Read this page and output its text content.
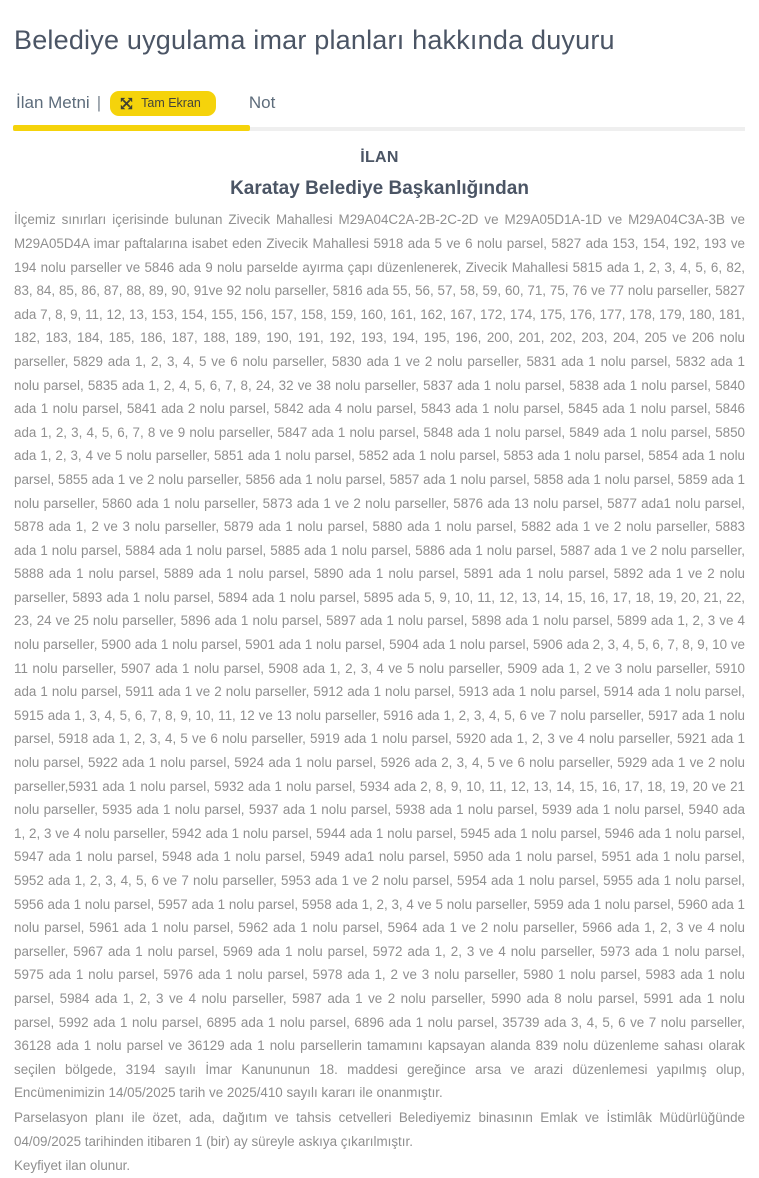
Belediye uygulama imar planları hakkında duyuru
İlan Metni |	Tam Ekran	Not
İLAN
Karatay Belediye Başkanlığından

İlçemiz sınırları içerisinde bulunan Zivecik Mahallesi M29A04C2A-2B-2C-2D ve M29A05D1A-1D ve M29A04C3A-3B ve M29A05D4A imar paftalarına isabet eden Zivecik Mahallesi 5918 ada 5 ve 6 nolu parsel, 5827 ada 153, 154, 192, 193 ve 194 nolu parseller ve 5846 ada 9 nolu parselde ayırma çapı düzenlenerek, Zivecik Mahallesi 5815 ada 1, 2, 3, 4, 5, 6, 82, 83, 84, 85, 86, 87, 88, 89, 90, 91ve 92 nolu parseller, 5816 ada 55, 56, 57, 58, 59, 60, 71, 75, 76 ve 77 nolu parseller, 5827 ada 7, 8, 9, 11, 12, 13, 153, 154, 155, 156, 157, 158, 159, 160, 161, 162, 167, 172, 174, 175, 176, 177, 178, 179, 180, 181, 182, 183, 184, 185, 186, 187, 188, 189, 190, 191, 192, 193, 194, 195, 196, 200, 201, 202, 203, 204, 205 ve 206 nolu parseller, 5829 ada 1, 2, 3, 4, 5 ve 6 nolu parseller, 5830 ada 1 ve 2 nolu parseller, 5831 ada 1 nolu parsel, 5832 ada 1 nolu parsel, 5835 ada 1, 2, 4, 5, 6, 7, 8, 24, 32 ve 38 nolu parseller, 5837 ada 1 nolu parsel, 5838 ada 1 nolu parsel, 5840 ada 1 nolu parsel, 5841 ada 2 nolu parsel, 5842 ada 4 nolu parsel, 5843 ada 1 nolu parsel, 5845 ada 1 nolu parsel, 5846 ada 1, 2, 3, 4, 5, 6, 7, 8 ve 9 nolu parseller, 5847 ada 1 nolu parsel, 5848 ada 1 nolu parsel, 5849 ada 1 nolu parsel, 5850 ada 1, 2, 3, 4 ve 5 nolu parseller, 5851 ada 1 nolu parsel, 5852 ada 1 nolu parsel, 5853 ada 1 nolu parsel, 5854 ada 1 nolu parsel, 5855 ada 1 ve 2 nolu parseller, 5856 ada 1 nolu parsel, 5857 ada 1 nolu parsel, 5858 ada 1 nolu parsel, 5859 ada 1 nolu parseller, 5860 ada 1 nolu parseller, 5873 ada 1 ve 2 nolu parseller, 5876 ada 13 nolu parsel, 5877 ada1 nolu parsel, 5878 ada 1, 2 ve 3 nolu parseller, 5879 ada 1 nolu parsel, 5880 ada 1 nolu parsel, 5882 ada 1 ve 2 nolu parseller, 5883 ada 1 nolu parsel, 5884 ada 1 nolu parsel, 5885 ada 1 nolu parsel, 5886 ada 1 nolu parsel, 5887 ada 1 ve 2 nolu parseller, 5888 ada 1 nolu parsel, 5889 ada 1 nolu parsel, 5890 ada 1 nolu parsel, 5891 ada 1 nolu parsel, 5892 ada 1 ve 2 nolu parseller, 5893 ada 1 nolu parsel, 5894 ada 1 nolu parsel, 5895 ada 5, 9, 10, 11, 12, 13, 14, 15, 16, 17, 18, 19, 20, 21, 22, 23, 24 ve 25 nolu parseller, 5896 ada 1 nolu parsel, 5897 ada 1 nolu parsel, 5898 ada 1 nolu parsel, 5899 ada 1, 2, 3 ve 4 nolu parseller, 5900 ada 1 nolu parsel, 5901 ada 1 nolu parsel, 5904 ada 1 nolu parsel, 5906 ada 2, 3, 4, 5, 6, 7, 8, 9, 10 ve 11 nolu parseller, 5907 ada 1 nolu parsel, 5908 ada 1, 2, 3, 4 ve 5 nolu parseller, 5909 ada 1, 2 ve 3 nolu parseller, 5910 ada 1 nolu parsel, 5911 ada 1 ve 2 nolu parseller, 5912 ada 1 nolu parsel, 5913 ada 1 nolu parsel, 5914 ada 1 nolu parsel, 5915 ada 1, 3, 4, 5, 6, 7, 8, 9, 10, 11, 12 ve 13 nolu parseller, 5916 ada 1, 2, 3, 4, 5, 6 ve 7 nolu parseller, 5917 ada 1 nolu parsel, 5918 ada 1, 2, 3, 4, 5 ve 6 nolu parseller, 5919 ada 1 nolu parsel, 5920 ada 1, 2, 3 ve 4 nolu parseller, 5921 ada 1 nolu parsel, 5922 ada 1 nolu parsel, 5924 ada 1 nolu parsel, 5926 ada 2, 3, 4, 5 ve 6 nolu parseller, 5929 ada 1 ve 2 nolu parseller,5931 ada 1 nolu parsel, 5932 ada 1 nolu parsel, 5934 ada 2, 8, 9, 10, 11, 12, 13, 14, 15, 16, 17, 18, 19, 20 ve 21 nolu parseller, 5935 ada 1 nolu parsel, 5937 ada 1 nolu parsel, 5938 ada 1 nolu parsel, 5939 ada 1 nolu parsel, 5940 ada 1, 2, 3 ve 4 nolu parseller, 5942 ada 1 nolu parsel, 5944 ada 1 nolu parsel, 5945 ada 1 nolu parsel, 5946 ada 1 nolu parsel, 5947 ada 1 nolu parsel, 5948 ada 1 nolu parsel, 5949 ada1 nolu parsel, 5950 ada 1 nolu parsel, 5951 ada 1 nolu parsel, 5952 ada 1, 2, 3, 4, 5, 6 ve 7 nolu parseller, 5953 ada 1 ve 2 nolu parsel, 5954 ada 1 nolu parsel, 5955 ada 1 nolu parsel, 5956 ada 1 nolu parsel, 5957 ada 1 nolu parsel, 5958 ada 1, 2, 3, 4 ve 5 nolu parseller, 5959 ada 1 nolu parsel, 5960 ada 1 nolu parsel, 5961 ada 1 nolu parsel, 5962 ada 1 nolu parsel, 5964 ada 1 ve 2 nolu parseller, 5966 ada 1, 2, 3 ve 4 nolu parseller, 5967 ada 1 nolu parsel, 5969 ada 1 nolu parsel, 5972 ada 1, 2, 3 ve 4 nolu parseller, 5973 ada 1 nolu parsel, 5975 ada 1 nolu parsel, 5976 ada 1 nolu parsel, 5978 ada 1, 2 ve 3 nolu parseller, 5980 1 nolu parsel, 5983 ada 1 nolu parsel, 5984 ada 1, 2, 3 ve 4 nolu parseller, 5987 ada 1 ve 2 nolu parseller, 5990 ada 8 nolu parsel, 5991 ada 1 nolu parsel, 5992 ada 1 nolu parsel, 6895 ada 1 nolu parsel, 6896 ada 1 nolu parsel, 35739 ada 3, 4, 5, 6 ve 7 nolu parseller, 36128 ada 1 nolu parsel ve 36129 ada 1 nolu parsellerin tamamını kapsayan alanda 839 nolu düzenleme sahası olarak seçilen bölgede, 3194 sayılı İmar Kanununun 18. maddesi gereğince arsa ve arazi düzenlemesi yapılmış olup, Encümenimizin 14/05/2025 tarih ve 2025/410 sayılı kararı ile onanmıştır.

Parselasyon planı ile özet, ada, dağıtım ve tahsis cetvelleri Belediyemiz binasının Emlak ve İstimlâk Müdürlüğünde 04/09/2025 tarihinden itibaren 1 (bir) ay süreyle askıya çıkarılmıştır.

Keyfiyet ilan olunur.
